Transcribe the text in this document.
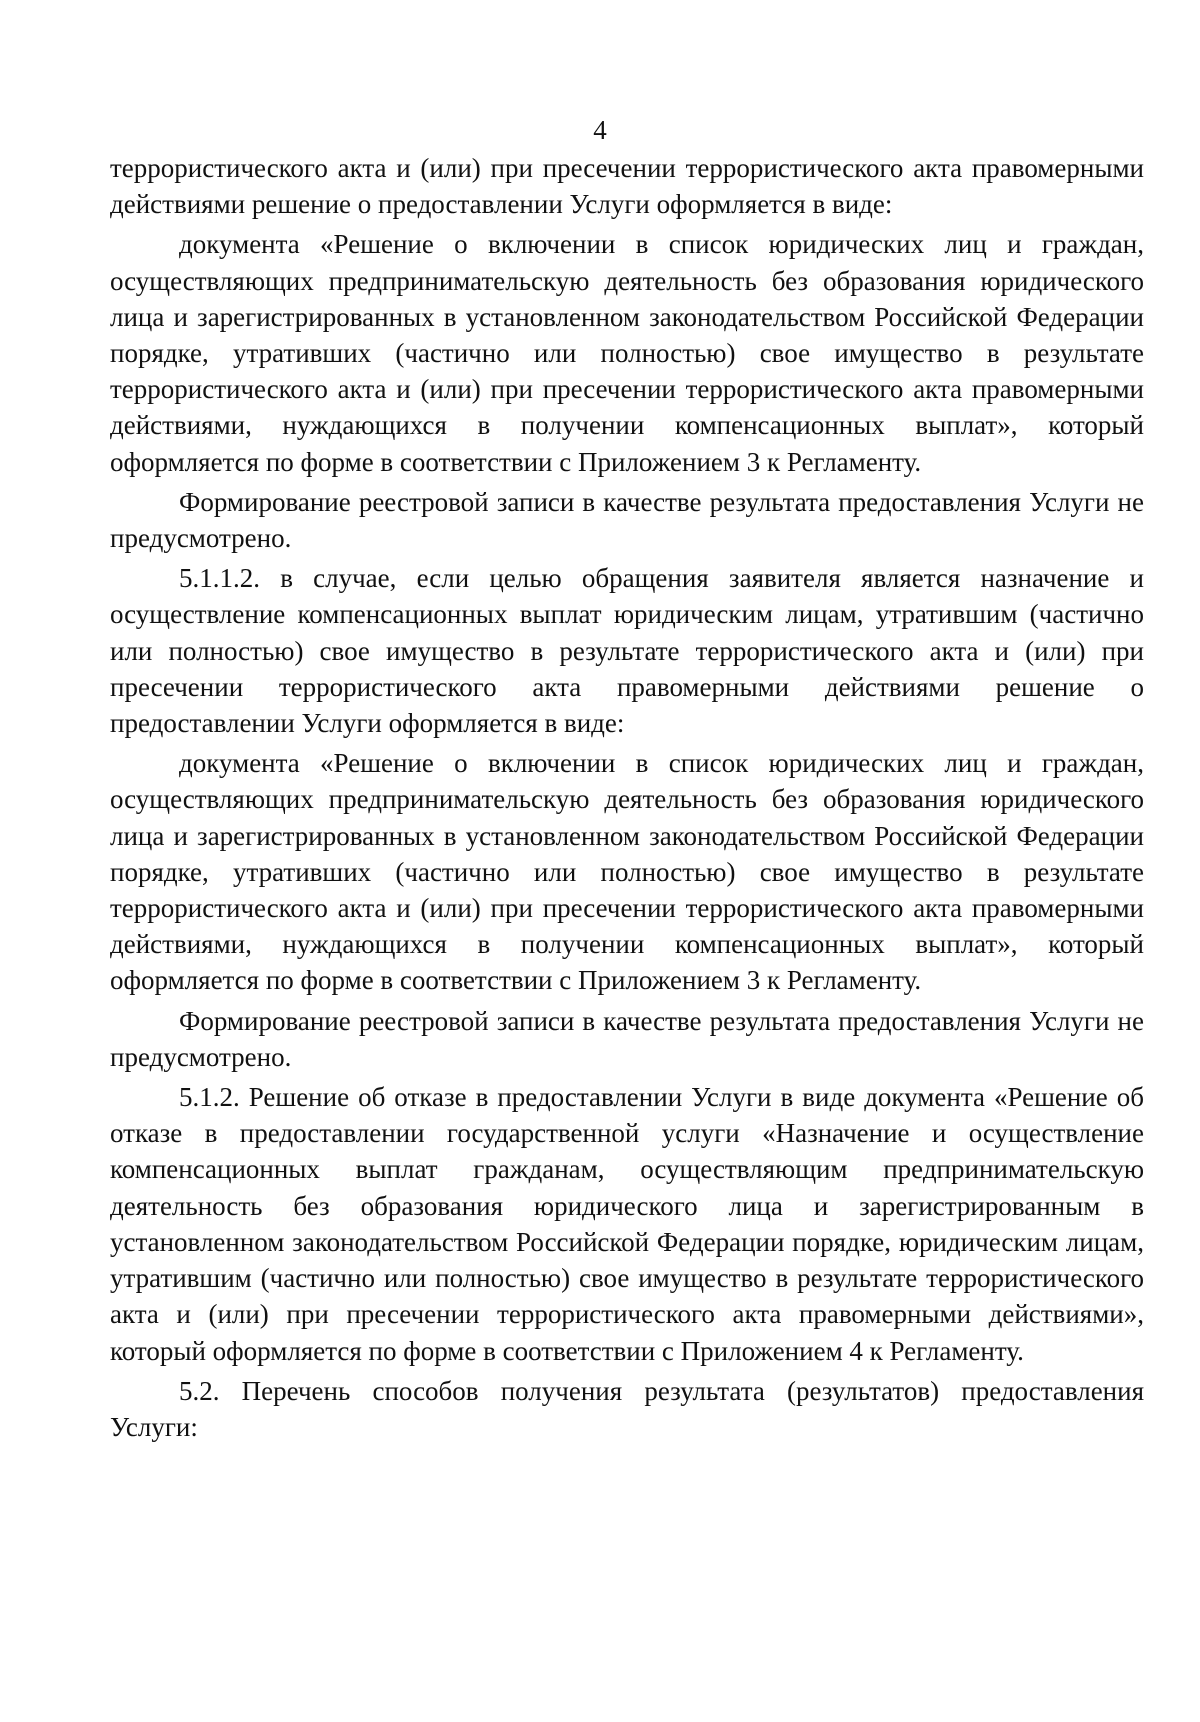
4

террористического акта и (или) при пресечении террористического акта правомерными действиями решение о предоставлении Услуги оформляется в виде:

документа «Решение о включении в список юридических лиц и граждан, осуществляющих предпринимательскую деятельность без образования юридического лица и зарегистрированных в установленном законодательством Российской Федерации порядке, утративших (частично или полностью) свое имущество в результате террористического акта и (или) при пресечении террористического акта правомерными действиями, нуждающихся в получении компенсационных выплат», который оформляется по форме в соответствии с Приложением 3 к Регламенту.

Формирование реестровой записи в качестве результата предоставления Услуги не предусмотрено.

5.1.1.2. в случае, если целью обращения заявителя является назначение и осуществление компенсационных выплат юридическим лицам, утратившим (частично или полностью) свое имущество в результате террористического акта и (или) при пресечении террористического акта правомерными действиями решение о предоставлении Услуги оформляется в виде:

документа «Решение о включении в список юридических лиц и граждан, осуществляющих предпринимательскую деятельность без образования юридического лица и зарегистрированных в установленном законодательством Российской Федерации порядке, утративших (частично или полностью) свое имущество в результате террористического акта и (или) при пресечении террористического акта правомерными действиями, нуждающихся в получении компенсационных выплат», который оформляется по форме в соответствии с Приложением 3 к Регламенту.

Формирование реестровой записи в качестве результата предоставления Услуги не предусмотрено.

5.1.2. Решение об отказе в предоставлении Услуги в виде документа «Решение об отказе в предоставлении государственной услуги «Назначение и осуществление компенсационных выплат гражданам, осуществляющим предпринимательскую деятельность без образования юридического лица и зарегистрированным в установленном законодательством Российской Федерации порядке, юридическим лицам, утратившим (частично или полностью) свое имущество в результате террористического акта и (или) при пресечении террористического акта правомерными действиями», который оформляется по форме в соответствии с Приложением 4 к Регламенту.

5.2. Перечень способов получения результата (результатов) предоставления Услуги:
